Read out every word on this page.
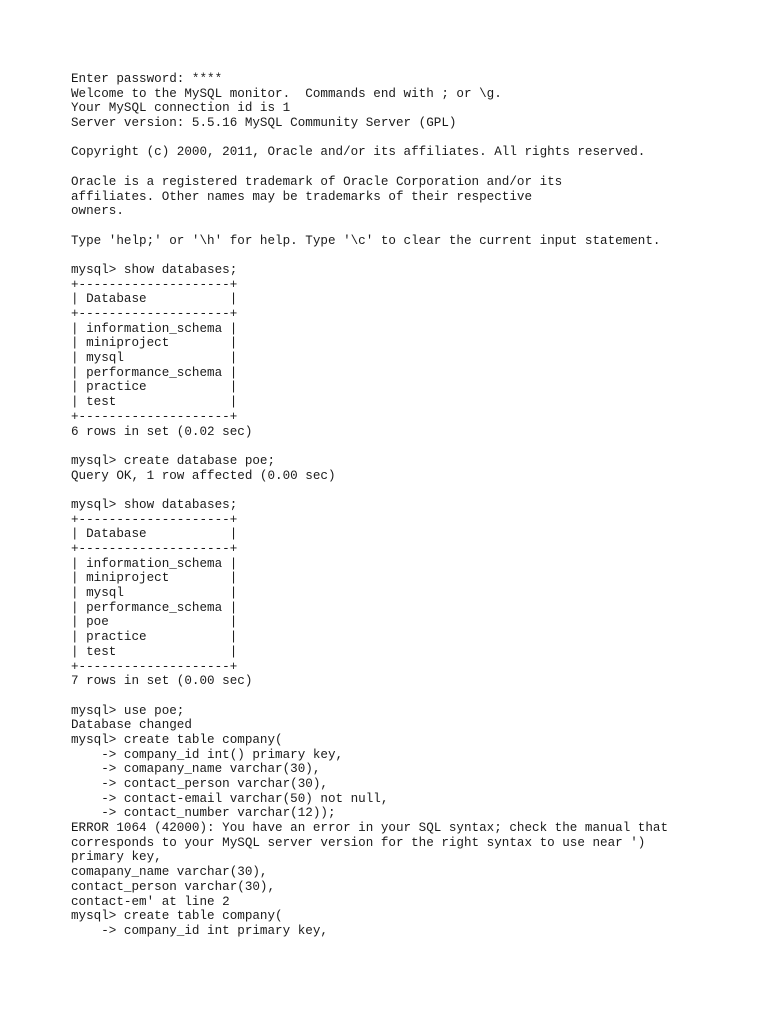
Enter password: ****
Welcome to the MySQL monitor.  Commands end with ; or \g.
Your MySQL connection id is 1
Server version: 5.5.16 MySQL Community Server (GPL)
Copyright (c) 2000, 2011, Oracle and/or its affiliates. All rights reserved.
Oracle is a registered trademark of Oracle Corporation and/or its
affiliates. Other names may be trademarks of their respective
owners.
Type 'help;' or '\h' for help. Type '\c' to clear the current input statement.
mysql> show databases;
+--------------------+
| Database           |
+--------------------+
| information_schema |
| miniproject        |
| mysql              |
| performance_schema |
| practice           |
| test               |
+--------------------+
6 rows in set (0.02 sec)
mysql> create database poe;
Query OK, 1 row affected (0.00 sec)
mysql> show databases;
+--------------------+
| Database           |
+--------------------+
| information_schema |
| miniproject        |
| mysql              |
| performance_schema |
| poe                |
| practice           |
| test               |
+--------------------+
7 rows in set (0.00 sec)
mysql> use poe;
Database changed
mysql> create table company(
-> company_id int() primary key,
-> comapany_name varchar(30),
-> contact_person varchar(30),
-> contact-email varchar(50) not null,
-> contact_number varchar(12));
ERROR 1064 (42000): You have an error in your SQL syntax; check the manual that
corresponds to your MySQL server version for the right syntax to use near ')
primary key,
comapany_name varchar(30),
contact_person varchar(30),
contact-em' at line 2
mysql> create table company(
-> company_id int primary key,
